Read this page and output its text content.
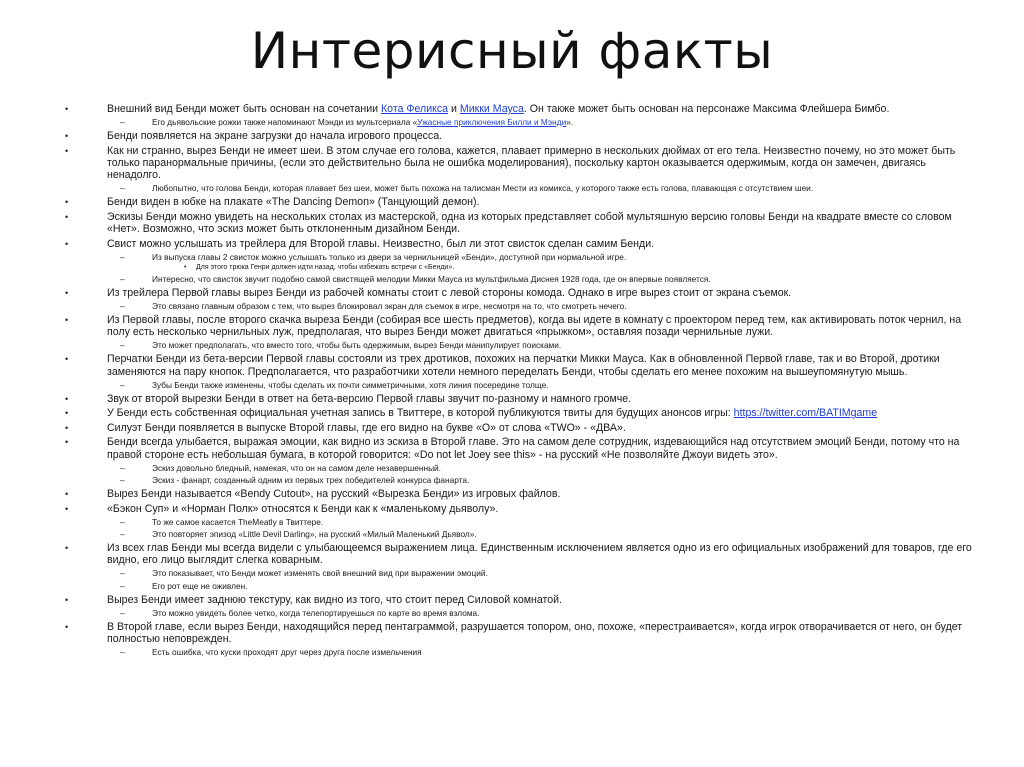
Интерисный факты
•	Внешний вид Бенди может быть основан на сочетании Кота Феликса и Микки Мауса. Он также может быть основан на персонаже Максима Флейшера Бимбо.
–	Его дьявольские рожки также напоминают Мэнди из мультсериала «Ужасные приключения Билли и Мэнди».
•	Бенди появляется на экране загрузки до начала игрового процесса.
•	Как ни странно, вырез Бенди не имеет шеи. В этом случае его голова, кажется, плавает примерно в нескольких дюймах от его тела. Неизвестно почему, но это может быть только паранормальные причины, (если это действительно была не ошибка моделирования), поскольку картон оказывается одержимым, когда он замечен, двигаясь ненадолго.
–	Любопытно, что голова Бенди, которая плавает без шеи, может быть похожа на талисман Мести из комикса, у которого также есть голова, плавающая с отсутствием шеи.
•	Бенди виден в юбке на плакате «The Dancing Demon» (Танцующий демон).
•	Эскизы Бенди можно увидеть на нескольких столах из мастерской, одна из которых представляет собой мультяшную версию головы Бенди на квадрате вместе со словом «Нет». Возможно, что эскиз может быть отклоненным дизайном Бенди.
•	Свист можно услышать из трейлера для Второй главы. Неизвестно, был ли этот свисток сделан самим Бенди.
–	Из выпуска главы 2 свисток можно услышать только из двери за чернильницей «Бенди», доступной при нормальной игре.
• Для этого трюка Генри должен идти назад, чтобы избежать встречи с «Бенди».
–	Интересно, что свисток звучит подобно самой свистящей мелодии Микки Мауса из мультфильма Диснея 1928 года, где он впервые появляется.
•	Из трейлера Первой главы вырез Бенди из рабочей комнаты стоит с левой стороны комода. Однако в игре вырез стоит от экрана съемок.
–	Это связано главным образом с тем, что вырез блокировал экран для съемок в игре, несмотря на то, что смотреть нечего.
•	Из Первой главы, после второго скачка выреза Бенди (собирая все шесть предметов), когда вы идете в комнату с проектором перед тем, как активировать поток чернил, на полу есть несколько чернильных луж, предполагая, что вырез Бенди может двигаться «прыжком», оставляя позади чернильные лужи.
–	Это может предполагать, что вместо того, чтобы быть одержимым, вырез Бенди манипулирует поисками.
•	Перчатки Бенди из бета-версии Первой главы состояли из трех дротиков, похожих на перчатки Микки Мауса. Как в обновленной Первой главе, так и во Второй, дротики заменяются на пару кнопок. Предполагается, что разработчики хотели немного переделать Бенди, чтобы сделать его менее похожим на вышеупомянутую мышь.
–	Зубы Бенди также изменены, чтобы сделать их почти симметричными, хотя линия посередине толще.
•	Звук от второй вырезки Бенди в ответ на бета-версию Первой главы звучит по-разному и намного громче.
•	У Бенди есть собственная официальная учетная запись в Твиттере, в которой публикуются твиты для будущих анонсов игры: https://twitter.com/BATIMgame
•	Силуэт Бенди появляется в выпуске Второй главы, где его видно на букве «О» от слова «TWO» - «ДВА».
•	Бенди всегда улыбается, выражая эмоции, как видно из эскиза в Второй главе. Это на самом деле сотрудник, издевающийся над отсутствием эмоций Бенди, потому что на правой стороне есть небольшая бумага, в которой говорится: «Do not let Joey see this» - на русский «Не позволяйте Джоуи видеть это».
–	Эскиз довольно бледный, намекая, что он на самом деле незавершенный.
–	Эскиз - фанарт, созданный одним из первых трех победителей конкурса фанарта.
•	Вырез Бенди называется «Bendy Cutout», на русский «Вырезка Бенди» из игровых файлов.
•	«Бэкон Суп» и «Норман Полк» относятся к Бенди как к «маленькому дьяволу».
–	То же самое касается TheMeatly в Твиттере.
–	Это повторяет эпизод «Little Devil Darling», на русский «Милый Маленький Дьявол».
•	Из всех глав Бенди мы всегда видели с улыбающеемся выражением лица. Единственным исключением является одно из его официальных изображений для товаров, где его видно, его лицо выглядит слегка коварным.
–	Это показывает, что Бенди может изменять свой внешний вид при выражении эмоций.
–	Его рот еще не оживлен.
•	Вырез Бенди имеет заднюю текстуру, как видно из того, что стоит перед Силовой комнатой.
–	Это можно увидеть более четко, когда телепортируешься по карте во время взлома.
•	В Второй главе, если вырез Бенди, находящийся перед пентаграммой, разрушается топором, оно, похоже, «перестраивается», когда игрок отворачивается от него, он будет полностью неповрежден.
–	Есть ошибка, что куски проходят друг через друга после измельчения
